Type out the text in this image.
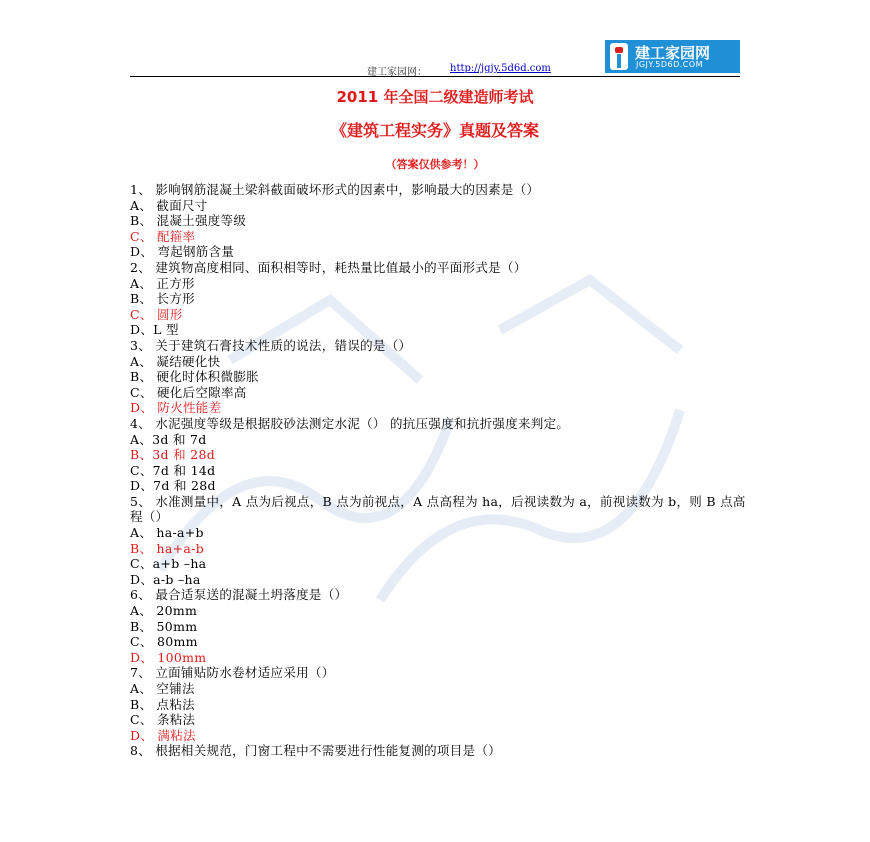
建工家园网： http://jgjy.5d6d.com
建工家园网
JGJY.5D6D.COM
2011 年全国二级建造师考试
《建筑工程实务》真题及答案
（答案仅供参考！）
1、 影响钢筋混凝土梁斜截面破坏形式的因素中，影响最大的因素是（）
A、 截面尺寸
B、 混凝土强度等级
C、 配箍率
D、 弯起钢筋含量
2、 建筑物高度相同、面积相等时，耗热量比值最小的平面形式是（）
A、 正方形
B、 长方形
C、 圆形
D、L 型
3、 关于建筑石膏技术性质的说法，错误的是（）
A、 凝结硬化快
B、 硬化时体积微膨胀
C、 硬化后空隙率高
D、 防火性能差
4、 水泥强度等级是根据胶砂法测定水泥（） 的抗压强度和抗折强度来判定。
A、3d 和 7d
B、3d 和 28d
C、7d 和 14d
D、7d 和 28d
5、 水准测量中，A 点为后视点，B 点为前视点，A 点高程为 ha，后视读数为 a，前视读数为 b，则 B 点高程（）
A、 ha-a+b
B、 ha+a-b
C、a+b –ha
D、a-b –ha
6、 最合适泵送的混凝土坍落度是（）
A、 20mm
B、 50mm
C、 80mm
D、 100mm
7、 立面铺贴防水卷材适应采用（）
A、 空铺法
B、 点粘法
C、 条粘法
D、 满粘法
8、 根据相关规范，门窗工程中不需要进行性能复测的项目是（）
